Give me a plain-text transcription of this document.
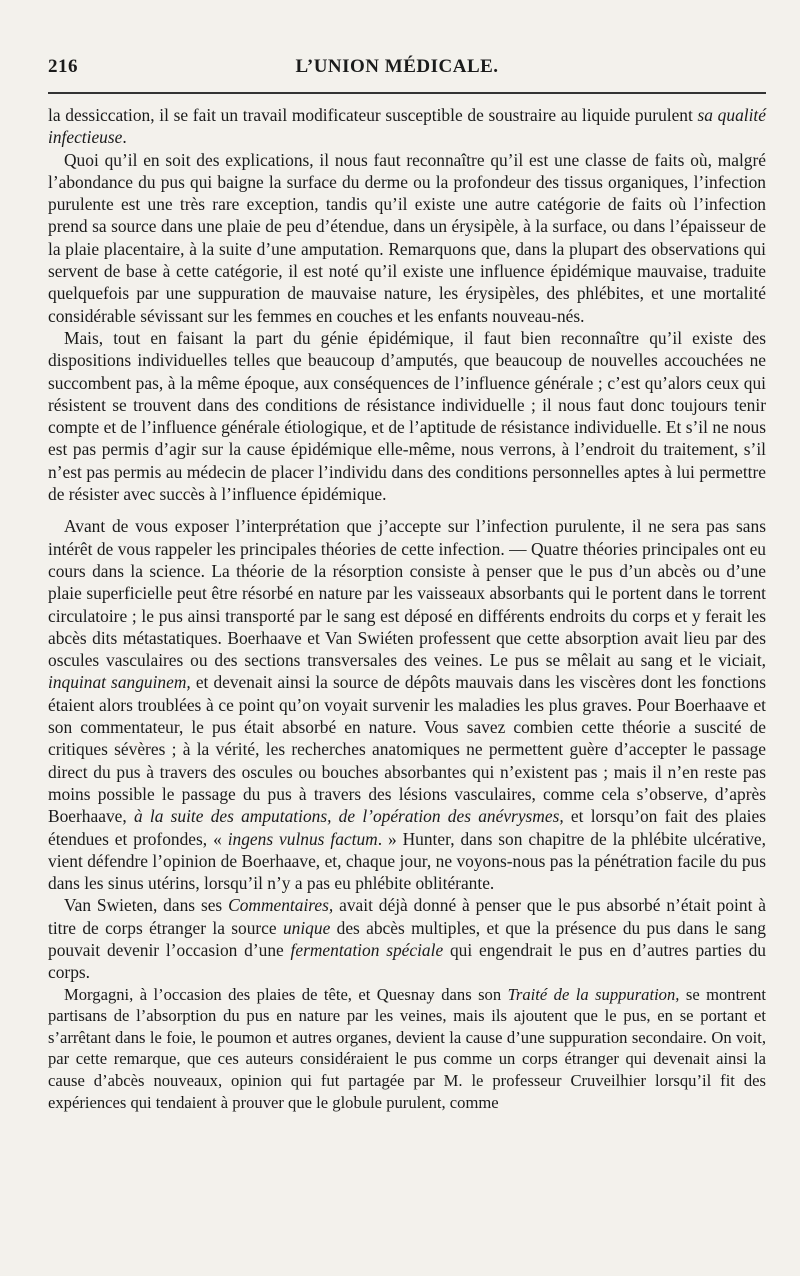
216	L’UNION MÉDICALE.

la dessiccation, il se fait un travail modificateur susceptible de soustraire au liquide purulent sa qualité infectieuse.

Quoi qu’il en soit des explications, il nous faut reconnaître qu’il est une classe de faits où, malgré l’abondance du pus qui baigne la surface du derme ou la profondeur des tissus organiques, l’infection purulente est une très rare exception, tandis qu’il existe une autre catégorie de faits où l’infection prend sa source dans une plaie de peu d’étendue, dans un érysipèle, à la surface, ou dans l’épaisseur de la plaie placentaire, à la suite d’une amputation. Remarquons que, dans la plupart des observations qui servent de base à cette catégorie, il est noté qu’il existe une influence épidémique mauvaise, traduite quelquefois par une suppuration de mauvaise nature, les érysipèles, des phlébites, et une mortalité considérable sévissant sur les femmes en couches et les enfants nouveau-nés.

Mais, tout en faisant la part du génie épidémique, il faut bien reconnaître qu’il existe des dispositions individuelles telles que beaucoup d’amputés, que beaucoup de nouvelles accouchées ne succombent pas, à la même époque, aux conséquences de l’influence générale ; c’est qu’alors ceux qui résistent se trouvent dans des conditions de résistance individuelle ; il nous faut donc toujours tenir compte et de l’influence générale étiologique, et de l’aptitude de résistance individuelle. Et s’il ne nous est pas permis d’agir sur la cause épidémique elle-même, nous verrons, à l’endroit du traitement, s’il n’est pas permis au médecin de placer l’individu dans des conditions personnelles aptes à lui permettre de résister avec succès à l’influence épidémique.

Avant de vous exposer l’interprétation que j’accepte sur l’infection purulente, il ne sera pas sans intérêt de vous rappeler les principales théories de cette infection. — Quatre théories principales ont eu cours dans la science. La théorie de la résorption consiste à penser que le pus d’un abcès ou d’une plaie superficielle peut être résorbé en nature par les vaisseaux absorbants qui le portent dans le torrent circulatoire ; le pus ainsi transporté par le sang est déposé en différents endroits du corps et y ferait les abcès dits métastatiques. Boerhaave et Van Swiéten professent que cette absorption avait lieu par des oscules vasculaires ou des sections transversales des veines. Le pus se mêlait au sang et le viciait, inquinat sanguinem, et devenait ainsi la source de dépôts mauvais dans les viscères dont les fonctions étaient alors troublées à ce point qu’on voyait survenir les maladies les plus graves. Pour Boerhaave et son commentateur, le pus était absorbé en nature. Vous savez combien cette théorie a suscité de critiques sévères ; à la vérité, les recherches anatomiques ne permettent guère d’accepter le passage direct du pus à travers des oscules ou bouches absorbantes qui n’existent pas ; mais il n’en reste pas moins possible le passage du pus à travers des lésions vasculaires, comme cela s’observe, d’après Boerhaave, à la suite des amputations, de l’opération des anévrysmes, et lorsqu’on fait des plaies étendues et profondes, « ingens vulnus factum. » Hunter, dans son chapitre de la phlébite ulcérative, vient défendre l’opinion de Boerhaave, et, chaque jour, ne voyons-nous pas la pénétration facile du pus dans les sinus utérins, lorsqu’il n’y a pas eu phlébite oblitérante.

Van Swieten, dans ses Commentaires, avait déjà donné à penser que le pus absorbé n’était point à titre de corps étranger la source unique des abcès multiples, et que la présence du pus dans le sang pouvait devenir l’occasion d’une fermentation spéciale qui engendrait le pus en d’autres parties du corps.

Morgagni, à l’occasion des plaies de tête, et Quesnay dans son Traité de la suppuration, se montrent partisans de l’absorption du pus en nature par les veines, mais ils ajoutent que le pus, en se portant et s’arrêtant dans le foie, le poumon et autres organes, devient la cause d’une suppuration secondaire. On voit, par cette remarque, que ces auteurs considéraient le pus comme un corps étranger qui devenait ainsi la cause d’abcès nouveaux, opinion qui fut partagée par M. le professeur Cruveilhier lorsqu’il fit des expériences qui tendaient à prouver que le globule purulent, comme
